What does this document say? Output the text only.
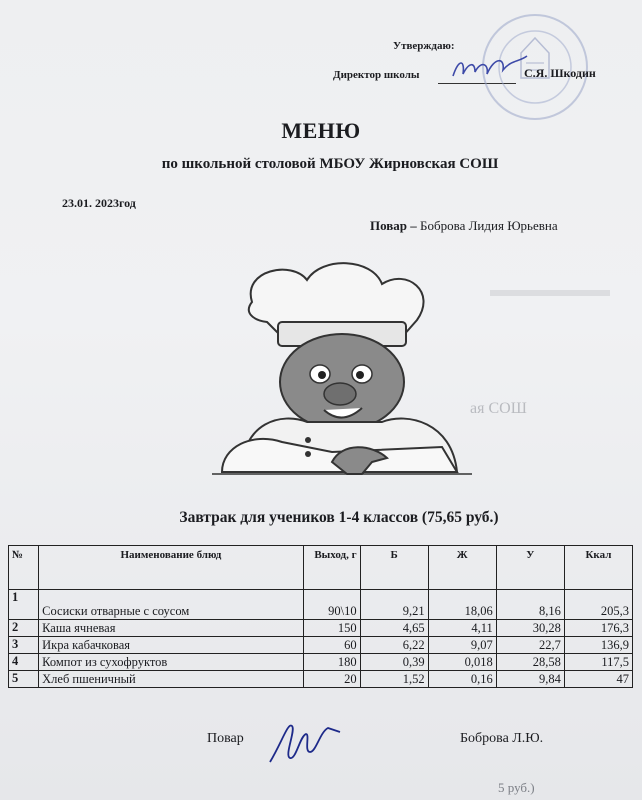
Утверждаю:
Директор школы	С.Я. Шкодин
МЕНЮ
по школьной столовой МБОУ Жирновская СОШ
23.01. 2023год
Повар – Боброва Лидия Юрьевна
ая СОШ
Завтрак для учеников 1-4 классов (75,65 руб.)
№	Наименование блюд	Выход, г	Б	Ж	У	Ккал
1	Сосиски отварные с соусом	90\10	9,21	18,06	8,16	205,3
2	Каша ячневая	150	4,65	4,11	30,28	176,3
3	Икра кабачковая	60	6,22	9,07	22,7	136,9
4	Компот из сухофруктов	180	0,39	0,018	28,58	117,5
5	Хлеб пшеничный	20	1,52	0,16	9,84	47
Повар	Боброва Л.Ю.
5 руб.)
